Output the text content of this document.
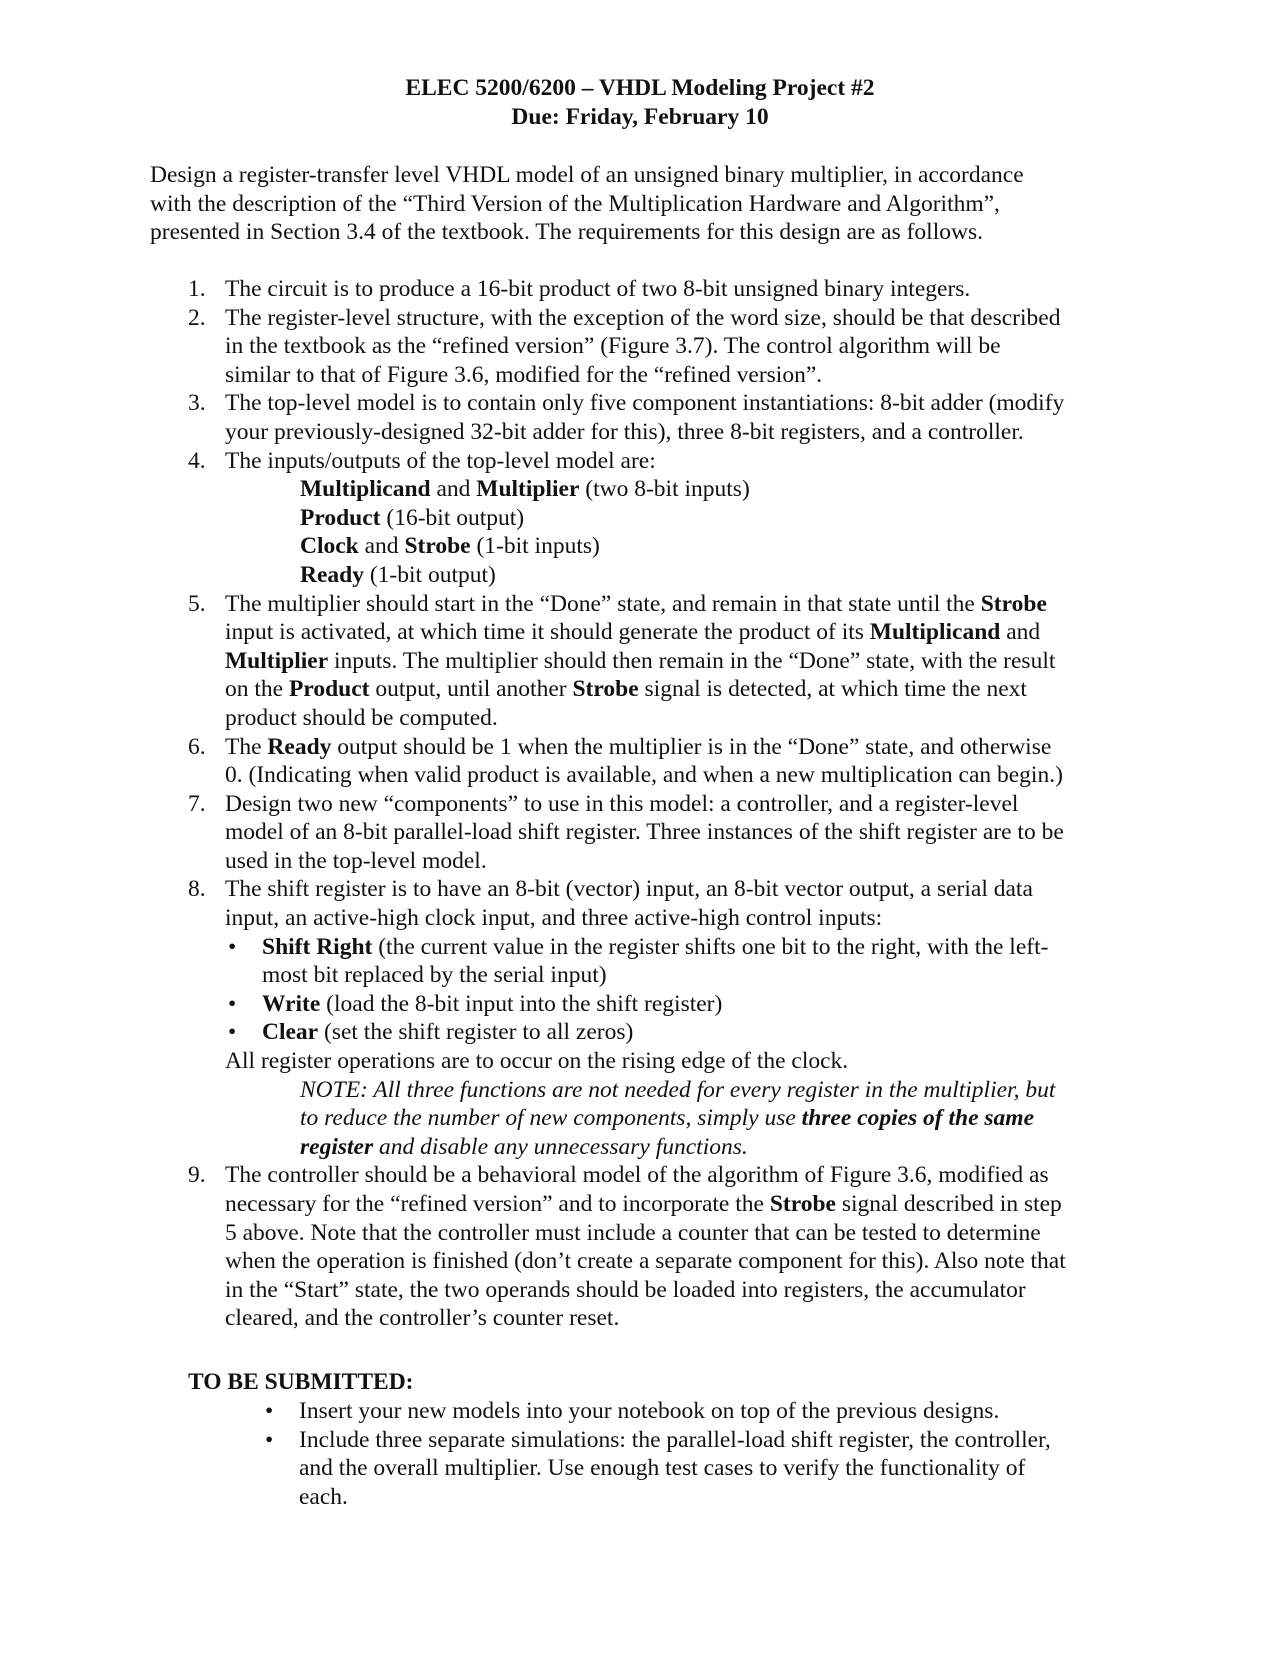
ELEC 5200/6200 – VHDL Modeling Project #2
Due: Friday, February 10
Design a register-transfer level VHDL model of an unsigned binary multiplier, in accordance
with the description of the “Third Version of the Multiplication Hardware and Algorithm”,
presented in Section 3.4 of the textbook. The requirements for this design are as follows.
1. The circuit is to produce a 16-bit product of two 8-bit unsigned binary integers.
2. The register-level structure, with the exception of the word size, should be that described
in the textbook as the “refined version” (Figure 3.7). The control algorithm will be
similar to that of Figure 3.6, modified for the “refined version”.
3. The top-level model is to contain only five component instantiations: 8-bit adder (modify
your previously-designed 32-bit adder for this), three 8-bit registers, and a controller.
4. The inputs/outputs of the top-level model are:
Multiplicand and Multiplier (two 8-bit inputs)
Product (16-bit output)
Clock and Strobe (1-bit inputs)
Ready (1-bit output)
5. The multiplier should start in the “Done” state, and remain in that state until the Strobe
input is activated, at which time it should generate the product of its Multiplicand and
Multiplier inputs. The multiplier should then remain in the “Done” state, with the result
on the Product output, until another Strobe signal is detected, at which time the next
product should be computed.
6. The Ready output should be 1 when the multiplier is in the “Done” state, and otherwise
0. (Indicating when valid product is available, and when a new multiplication can begin.)
7. Design two new “components” to use in this model: a controller, and a register-level
model of an 8-bit parallel-load shift register. Three instances of the shift register are to be
used in the top-level model.
8. The shift register is to have an 8-bit (vector) input, an 8-bit vector output, a serial data
input, an active-high clock input, and three active-high control inputs:
• Shift Right (the current value in the register shifts one bit to the right, with the left-
most bit replaced by the serial input)
• Write (load the 8-bit input into the shift register)
• Clear (set the shift register to all zeros)
All register operations are to occur on the rising edge of the clock.
NOTE: All three functions are not needed for every register in the multiplier, but
to reduce the number of new components, simply use three copies of the same
register and disable any unnecessary functions.
9. The controller should be a behavioral model of the algorithm of Figure 3.6, modified as
necessary for the “refined version” and to incorporate the Strobe signal described in step
5 above. Note that the controller must include a counter that can be tested to determine
when the operation is finished (don’t create a separate component for this). Also note that
in the “Start” state, the two operands should be loaded into registers, the accumulator
cleared, and the controller’s counter reset.
TO BE SUBMITTED:
• Insert your new models into your notebook on top of the previous designs.
• Include three separate simulations: the parallel-load shift register, the controller,
and the overall multiplier. Use enough test cases to verify the functionality of
each.
